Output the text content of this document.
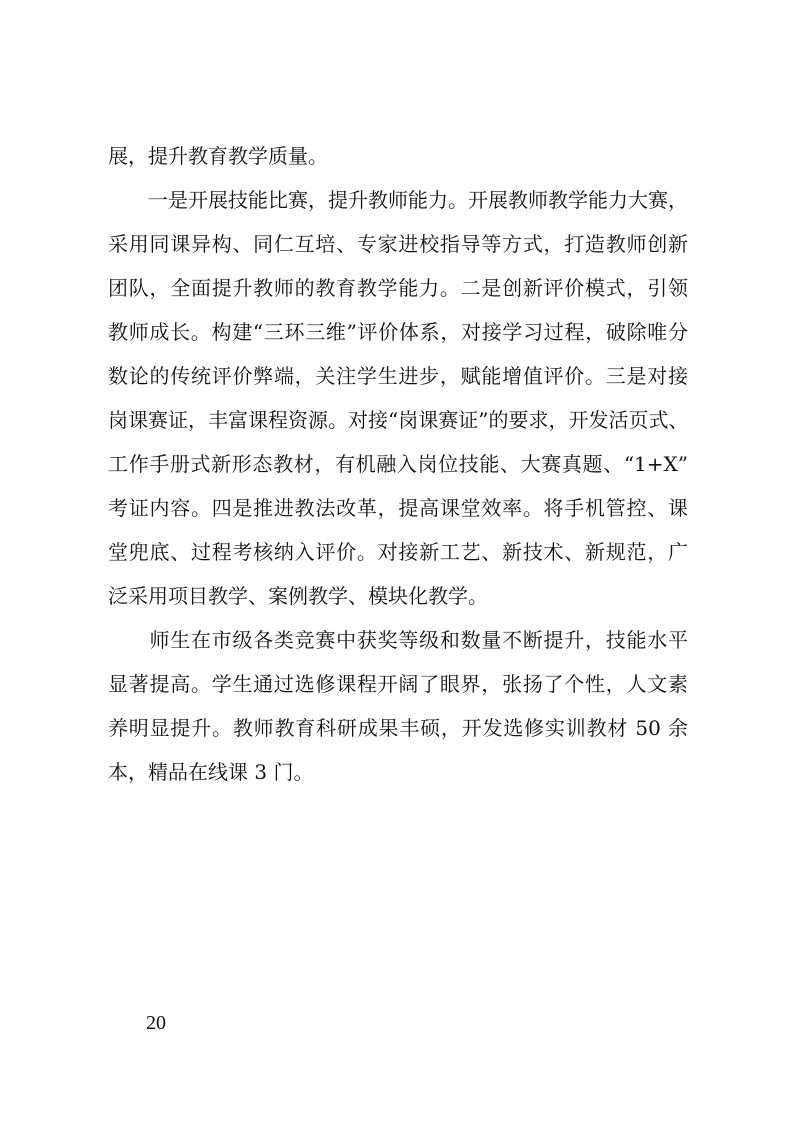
展，提升教育教学质量。
　　一是开展技能比赛，提升教师能力。开展教师教学能力大赛，
采用同课异构、同仁互培、专家进校指导等方式，打造教师创新
团队，全面提升教师的教育教学能力。二是创新评价模式，引领
教师成长。构建“三环三维”评价体系，对接学习过程，破除唯分
数论的传统评价弊端，关注学生进步，赋能增值评价。三是对接
岗课赛证，丰富课程资源。对接“岗课赛证”的要求，开发活页式、
工作手册式新形态教材，有机融入岗位技能、大赛真题、“1+X”
考证内容。四是推进教法改革，提高课堂效率。将手机管控、课
堂兜底、过程考核纳入评价。对接新工艺、新技术、新规范，广
泛采用项目教学、案例教学、模块化教学。
　　师生在市级各类竞赛中获奖等级和数量不断提升，技能水平
显著提高。学生通过选修课程开阔了眼界，张扬了个性，人文素
养明显提升。教师教育科研成果丰硕，开发选修实训教材 50 余
本，精品在线课 3 门。
20
